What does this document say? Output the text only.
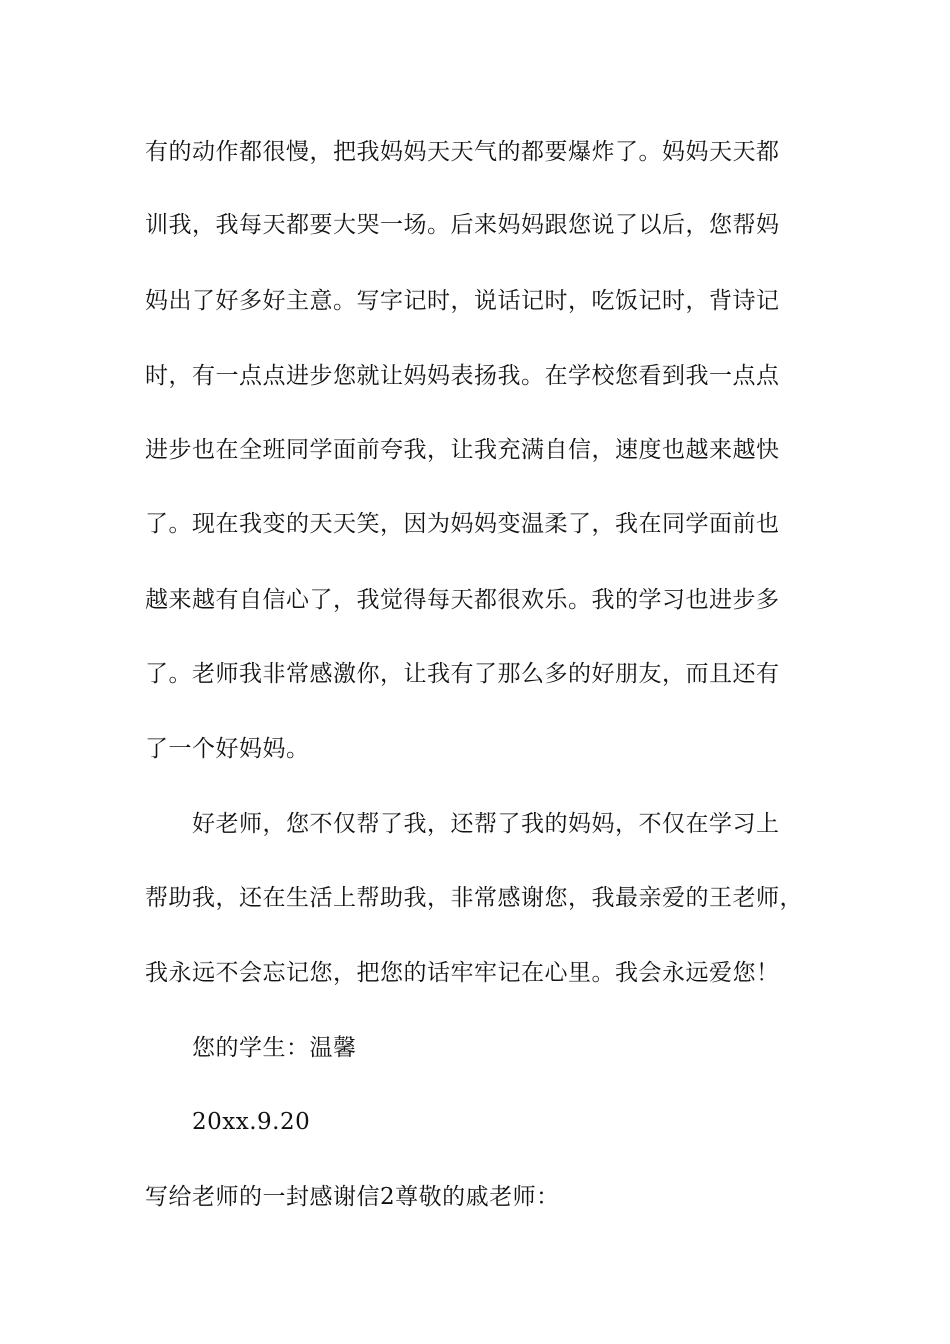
有的动作都很慢，把我妈妈天天气的都要爆炸了。妈妈天天都
训我，我每天都要大哭一场。后来妈妈跟您说了以后，您帮妈
妈出了好多好主意。写字记时，说话记时，吃饭记时，背诗记
时，有一点点进步您就让妈妈表扬我。在学校您看到我一点点
进步也在全班同学面前夸我，让我充满自信，速度也越来越快
了。现在我变的天天笑，因为妈妈变温柔了，我在同学面前也
越来越有自信心了，我觉得每天都很欢乐。我的学习也进步多
了。老师我非常感激你，让我有了那么多的好朋友，而且还有
了一个好妈妈。
好老师，您不仅帮了我，还帮了我的妈妈，不仅在学习上
帮助我，还在生活上帮助我，非常感谢您，我最亲爱的王老师，
我永远不会忘记您，把您的话牢牢记在心里。我会永远爱您！
您的学生：温馨
20xx.9.20
写给老师的一封感谢信2尊敬的戚老师：
